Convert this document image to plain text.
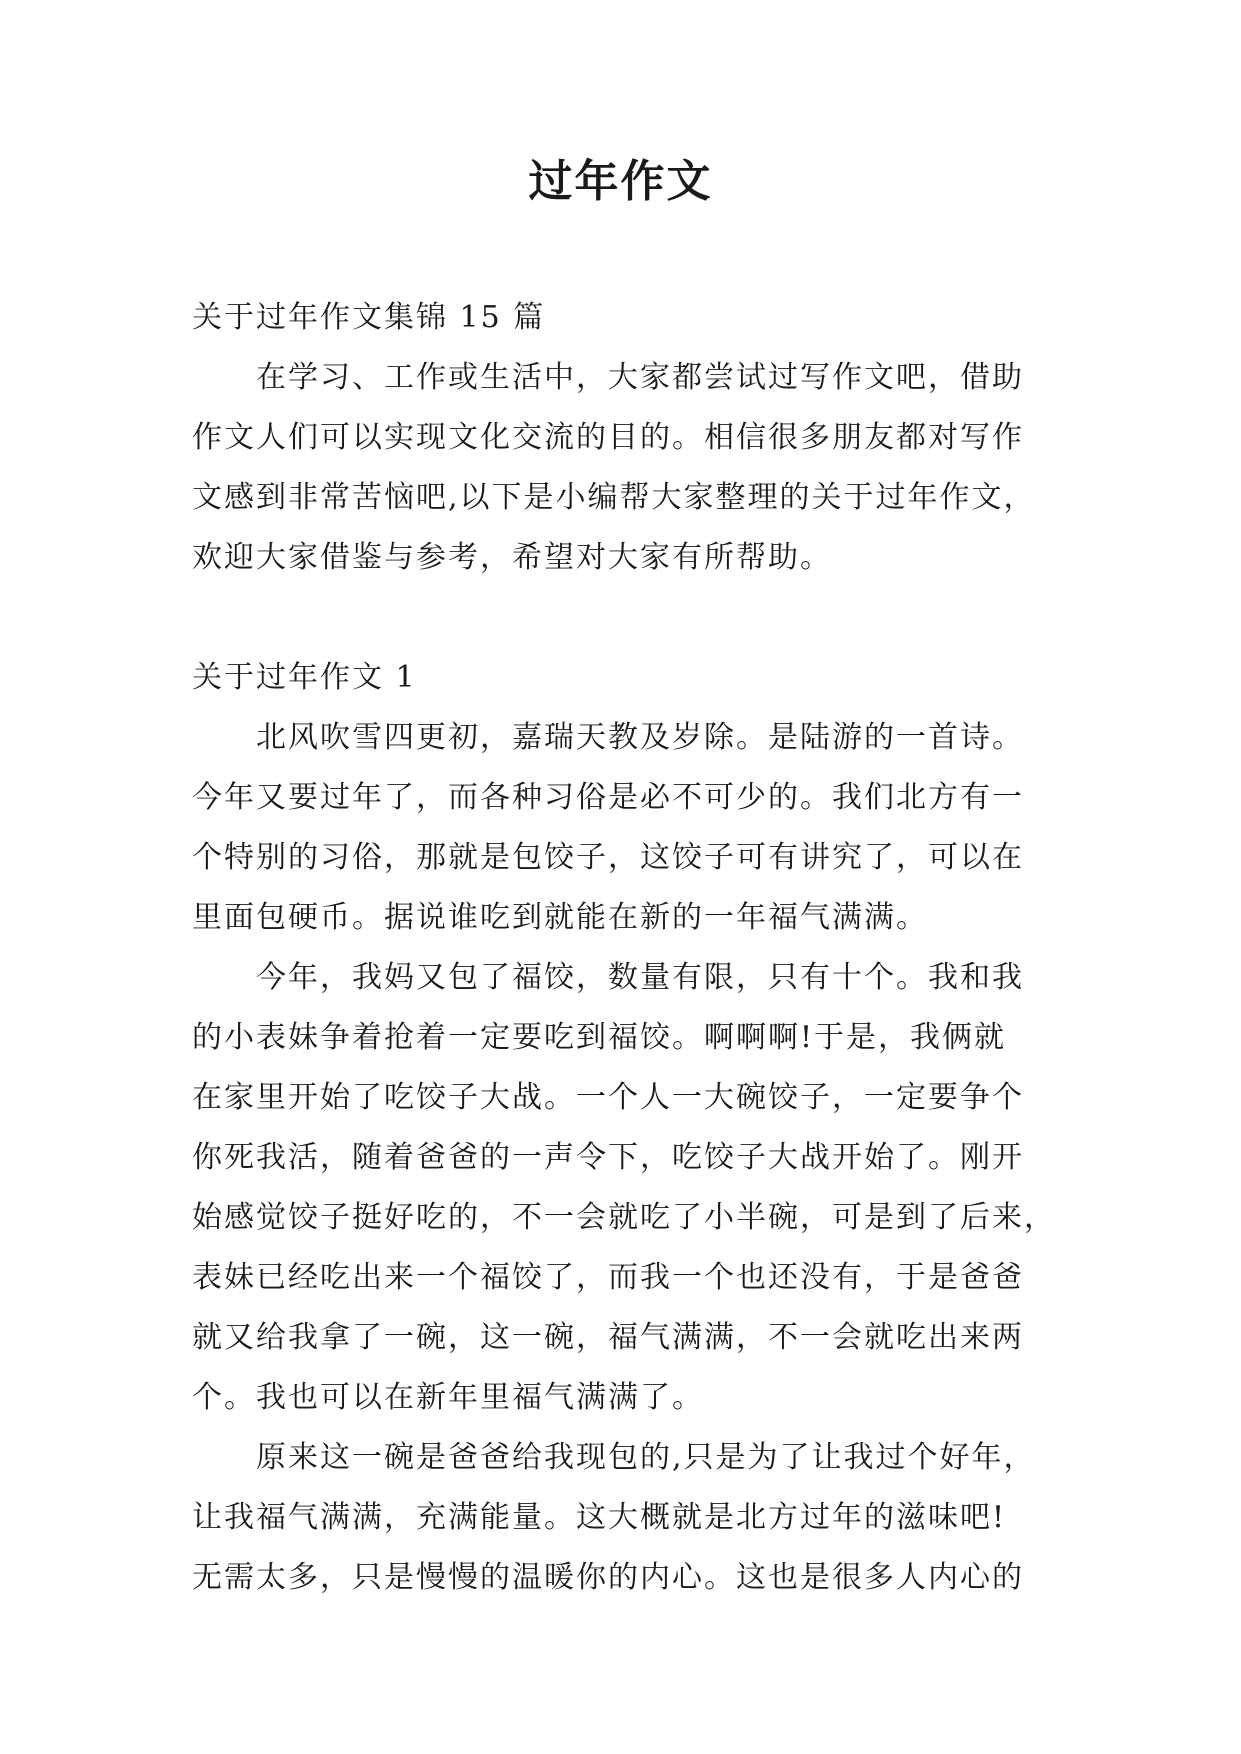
过年作文

关于过年作文集锦 15 篇

在学习、工作或生活中，大家都尝试过写作文吧，借助

作文人们可以实现文化交流的目的。相信很多朋友都对写作

文感到非常苦恼吧,以下是小编帮大家整理的关于过年作文，

欢迎大家借鉴与参考，希望对大家有所帮助。

关于过年作文 1

北风吹雪四更初，嘉瑞天教及岁除。是陆游的一首诗。

今年又要过年了，而各种习俗是必不可少的。我们北方有一

个特别的习俗，那就是包饺子，这饺子可有讲究了，可以在

里面包硬币。据说谁吃到就能在新的一年福气满满。

今年，我妈又包了福饺，数量有限，只有十个。我和我

的小表妹争着抢着一定要吃到福饺。啊啊啊!于是，我俩就

在家里开始了吃饺子大战。一个人一大碗饺子，一定要争个

你死我活，随着爸爸的一声令下，吃饺子大战开始了。刚开

始感觉饺子挺好吃的，不一会就吃了小半碗，可是到了后来，

表妹已经吃出来一个福饺了，而我一个也还没有，于是爸爸

就又给我拿了一碗，这一碗，福气满满，不一会就吃出来两

个。我也可以在新年里福气满满了。

原来这一碗是爸爸给我现包的,只是为了让我过个好年，

让我福气满满，充满能量。这大概就是北方过年的滋味吧!

无需太多，只是慢慢的温暖你的内心。这也是很多人内心的
